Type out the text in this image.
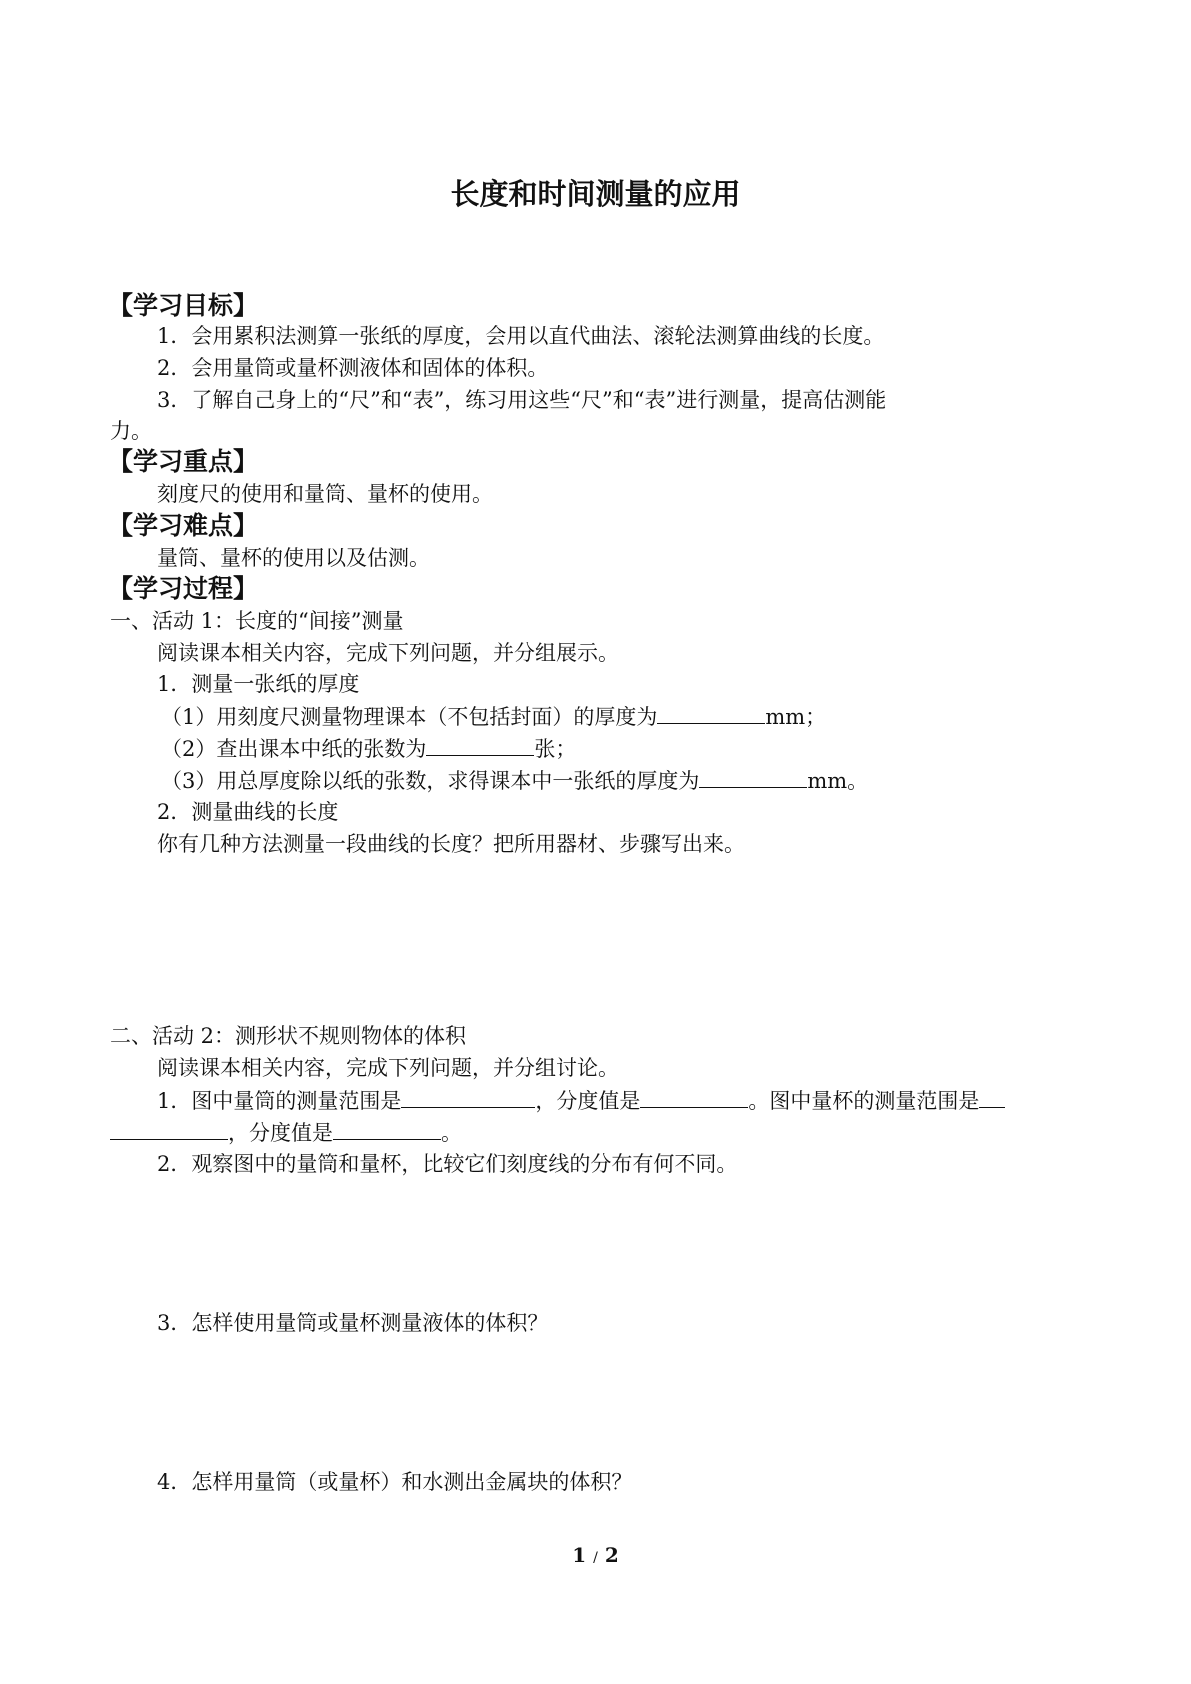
长度和时间测量的应用
【学习目标】
1．会用累积法测算一张纸的厚度，会用以直代曲法、滚轮法测算曲线的长度。
2．会用量筒或量杯测液体和固体的体积。
3．了解自己身上的“尺”和“表”，练习用这些“尺”和“表”进行测量，提高估测能
力。
【学习重点】
刻度尺的使用和量筒、量杯的使用。
【学习难点】
量筒、量杯的使用以及估测。
【学习过程】
一、活动 1：长度的“间接”测量
阅读课本相关内容，完成下列问题，并分组展示。
1．测量一张纸的厚度
（1）用刻度尺测量物理课本（不包括封面）的厚度为	mm；
（2）查出课本中纸的张数为	张；
（3）用总厚度除以纸的张数，求得课本中一张纸的厚度为	mm。
2．测量曲线的长度
你有几种方法测量一段曲线的长度？把所用器材、步骤写出来。
二、活动 2：测形状不规则物体的体积
阅读课本相关内容，完成下列问题，并分组讨论。
1．图中量筒的测量范围是	，分度值是	。图中量杯的测量范围是
，分度值是	。
2．观察图中的量筒和量杯，比较它们刻度线的分布有何不同。
3．怎样使用量筒或量杯测量液体的体积？
4．怎样用量筒（或量杯）和水测出金属块的体积？
1 / 2
